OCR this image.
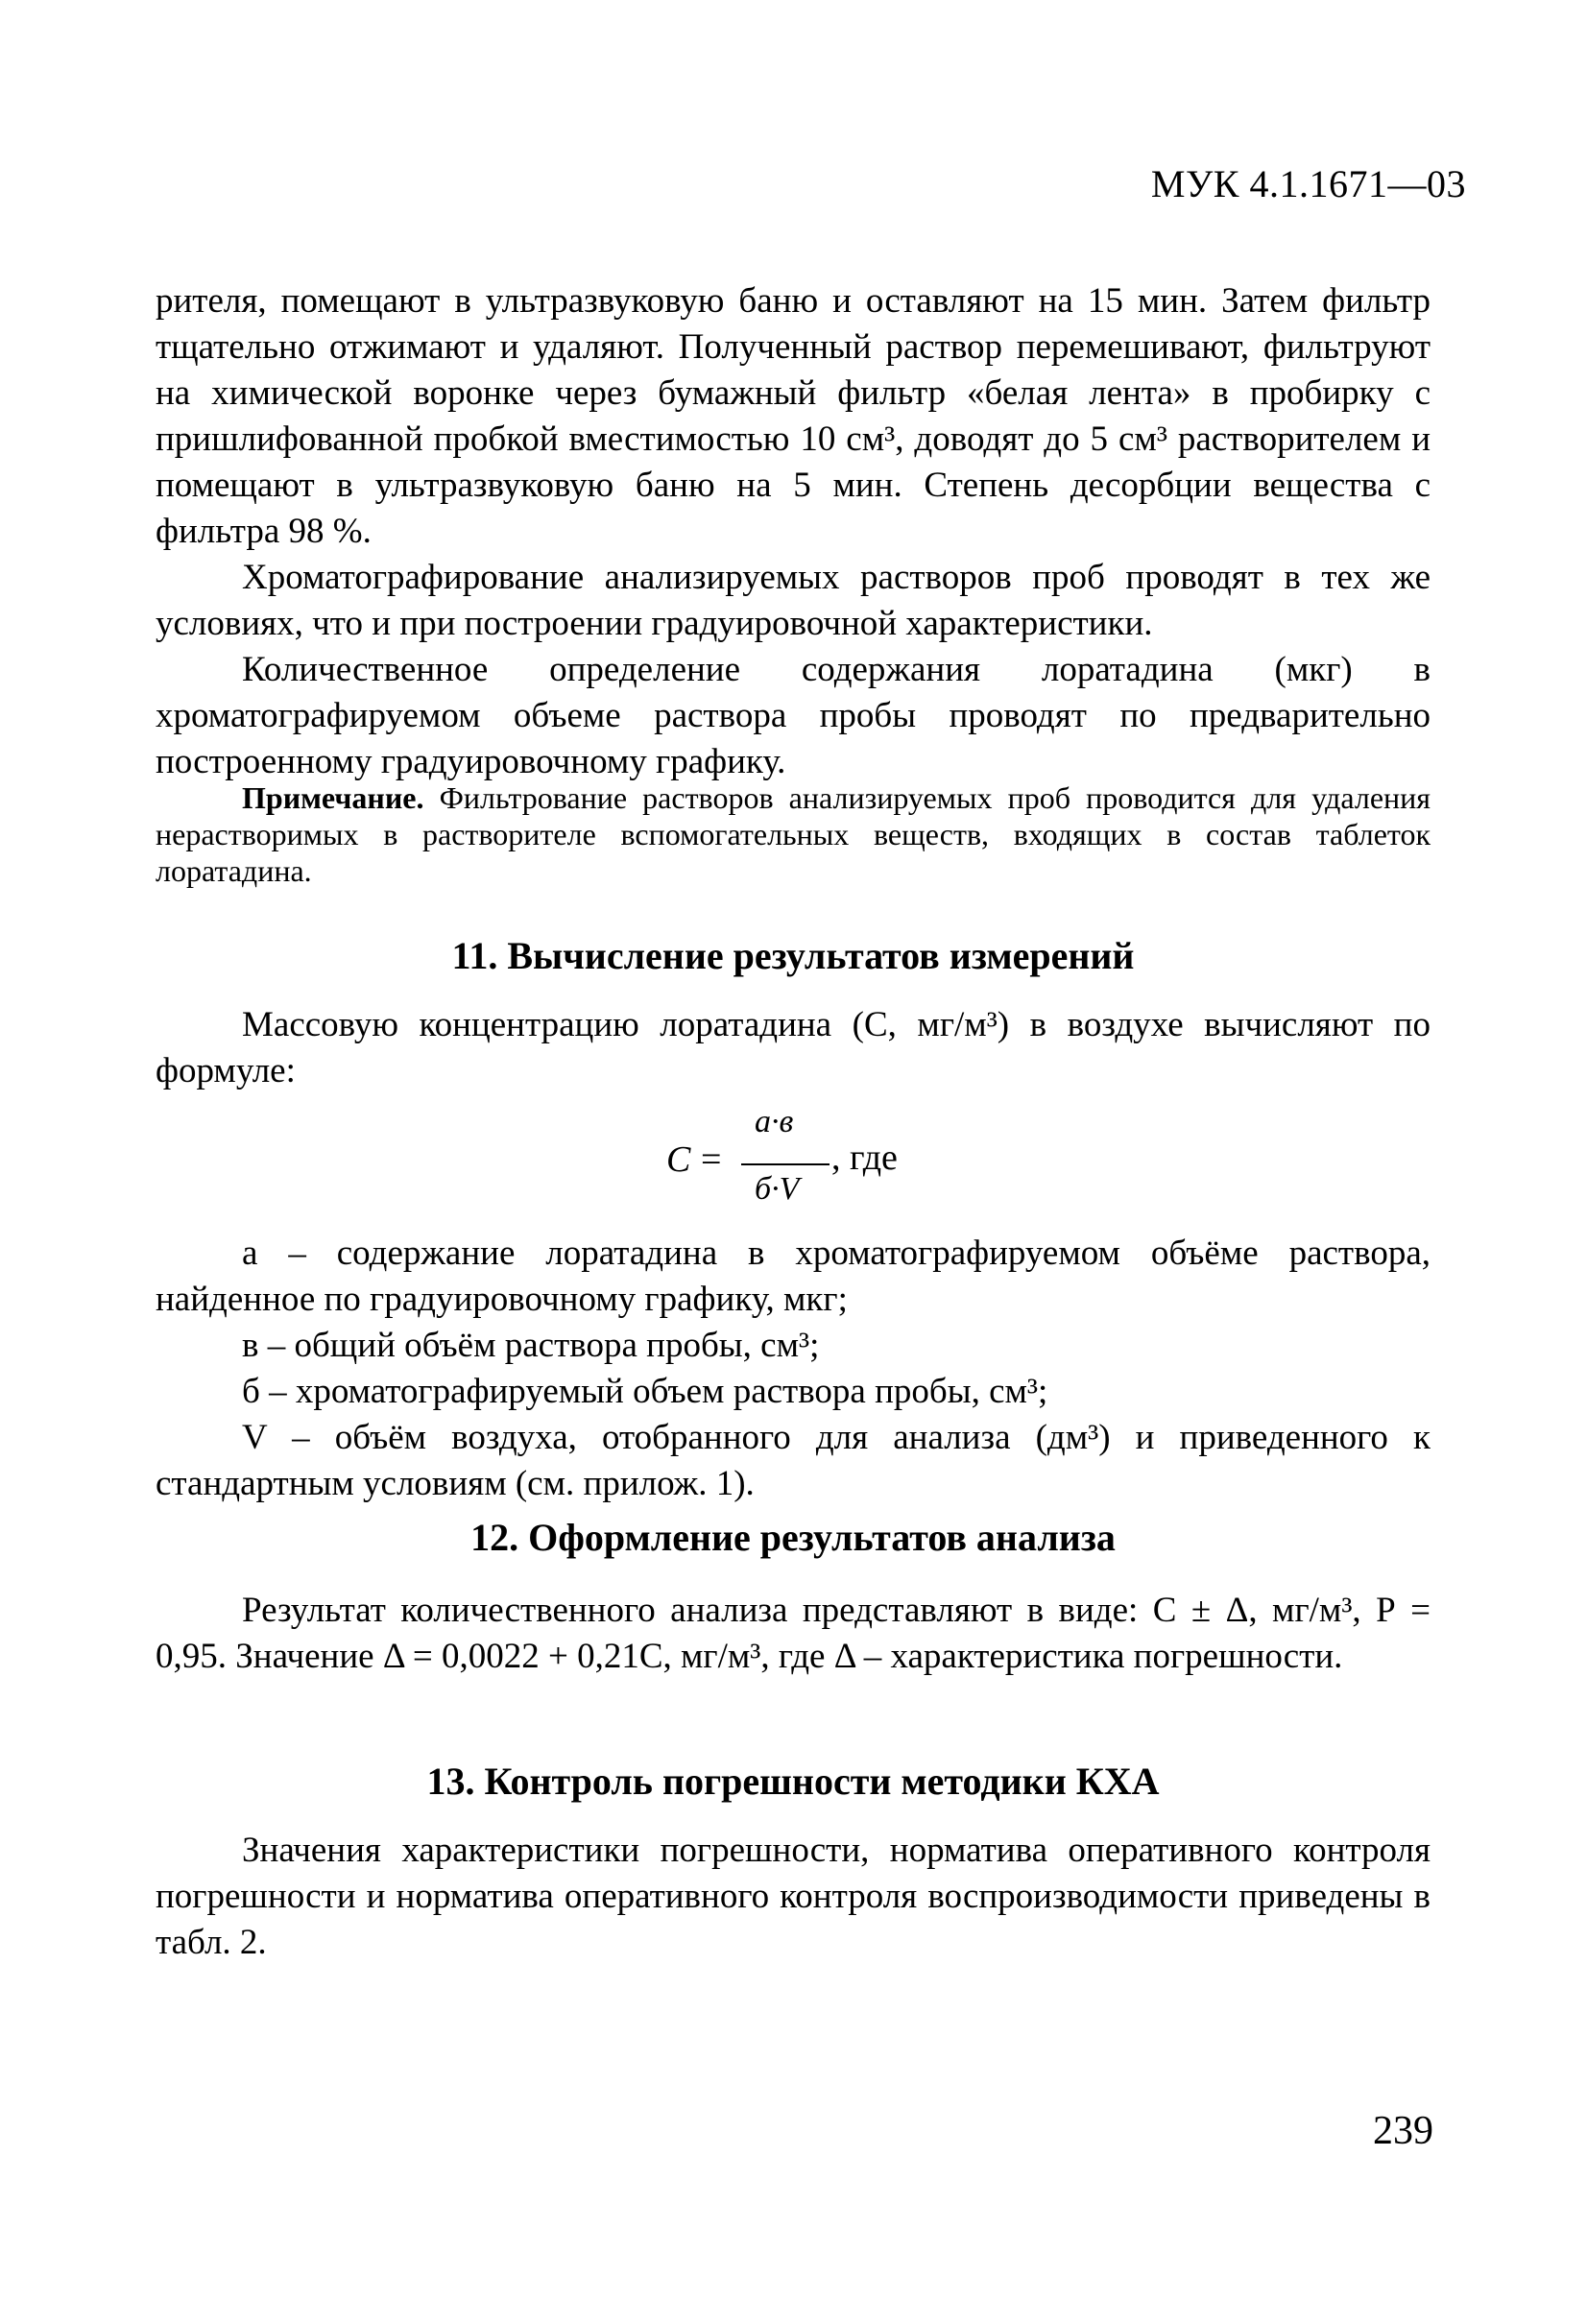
МУК 4.1.1671—03

рителя, помещают в ультразвуковую баню и оставляют на 15 мин. Затем фильтр тщательно отжимают и удаляют. Полученный раствор перемешивают, фильтруют на химической воронке через бумажный фильтр «белая лента» в пробирку с пришлифованной пробкой вместимостью 10 см³, доводят до 5 см³ растворителем и помещают в ультразвуковую баню на 5 мин. Степень десорбции вещества с фильтра 98 %.

Хроматографирование анализируемых растворов проб проводят в тех же условиях, что и при построении градуировочной характеристики.

Количественное определение содержания лоратадина (мкг) в хроматографируемом объеме раствора пробы проводят по предварительно построенному градуировочному графику.

Примечание. Фильтрование растворов анализируемых проб проводится для удаления нерастворимых в растворителе вспомогательных веществ, входящих в состав таблеток лоратадина.
11. Вычисление результатов измерений

Массовую концентрацию лоратадина (С, мг/м³) в воздухе вычисляют по формуле:

C =
а·в
б·V
, где

а – содержание лоратадина в хроматографируемом объёме раствора, найденное по градуировочному графику, мкг;

в – общий объём раствора пробы, см³;

б – хроматографируемый объем раствора пробы, см³;

V – объём воздуха, отобранного для анализа (дм³) и приведенного к стандартным условиям (см. прилож. 1).

12. Оформление результатов анализа

Результат количественного анализа представляют в виде: С ± Δ, мг/м³, Р = 0,95. Значение Δ = 0,0022 + 0,21С, мг/м³, где Δ – характеристика погрешности.

13. Контроль погрешности методики КХА

Значения характеристики погрешности, норматива оперативного контроля погрешности и норматива оперативного контроля воспроизводимости приведены в табл. 2.

239
